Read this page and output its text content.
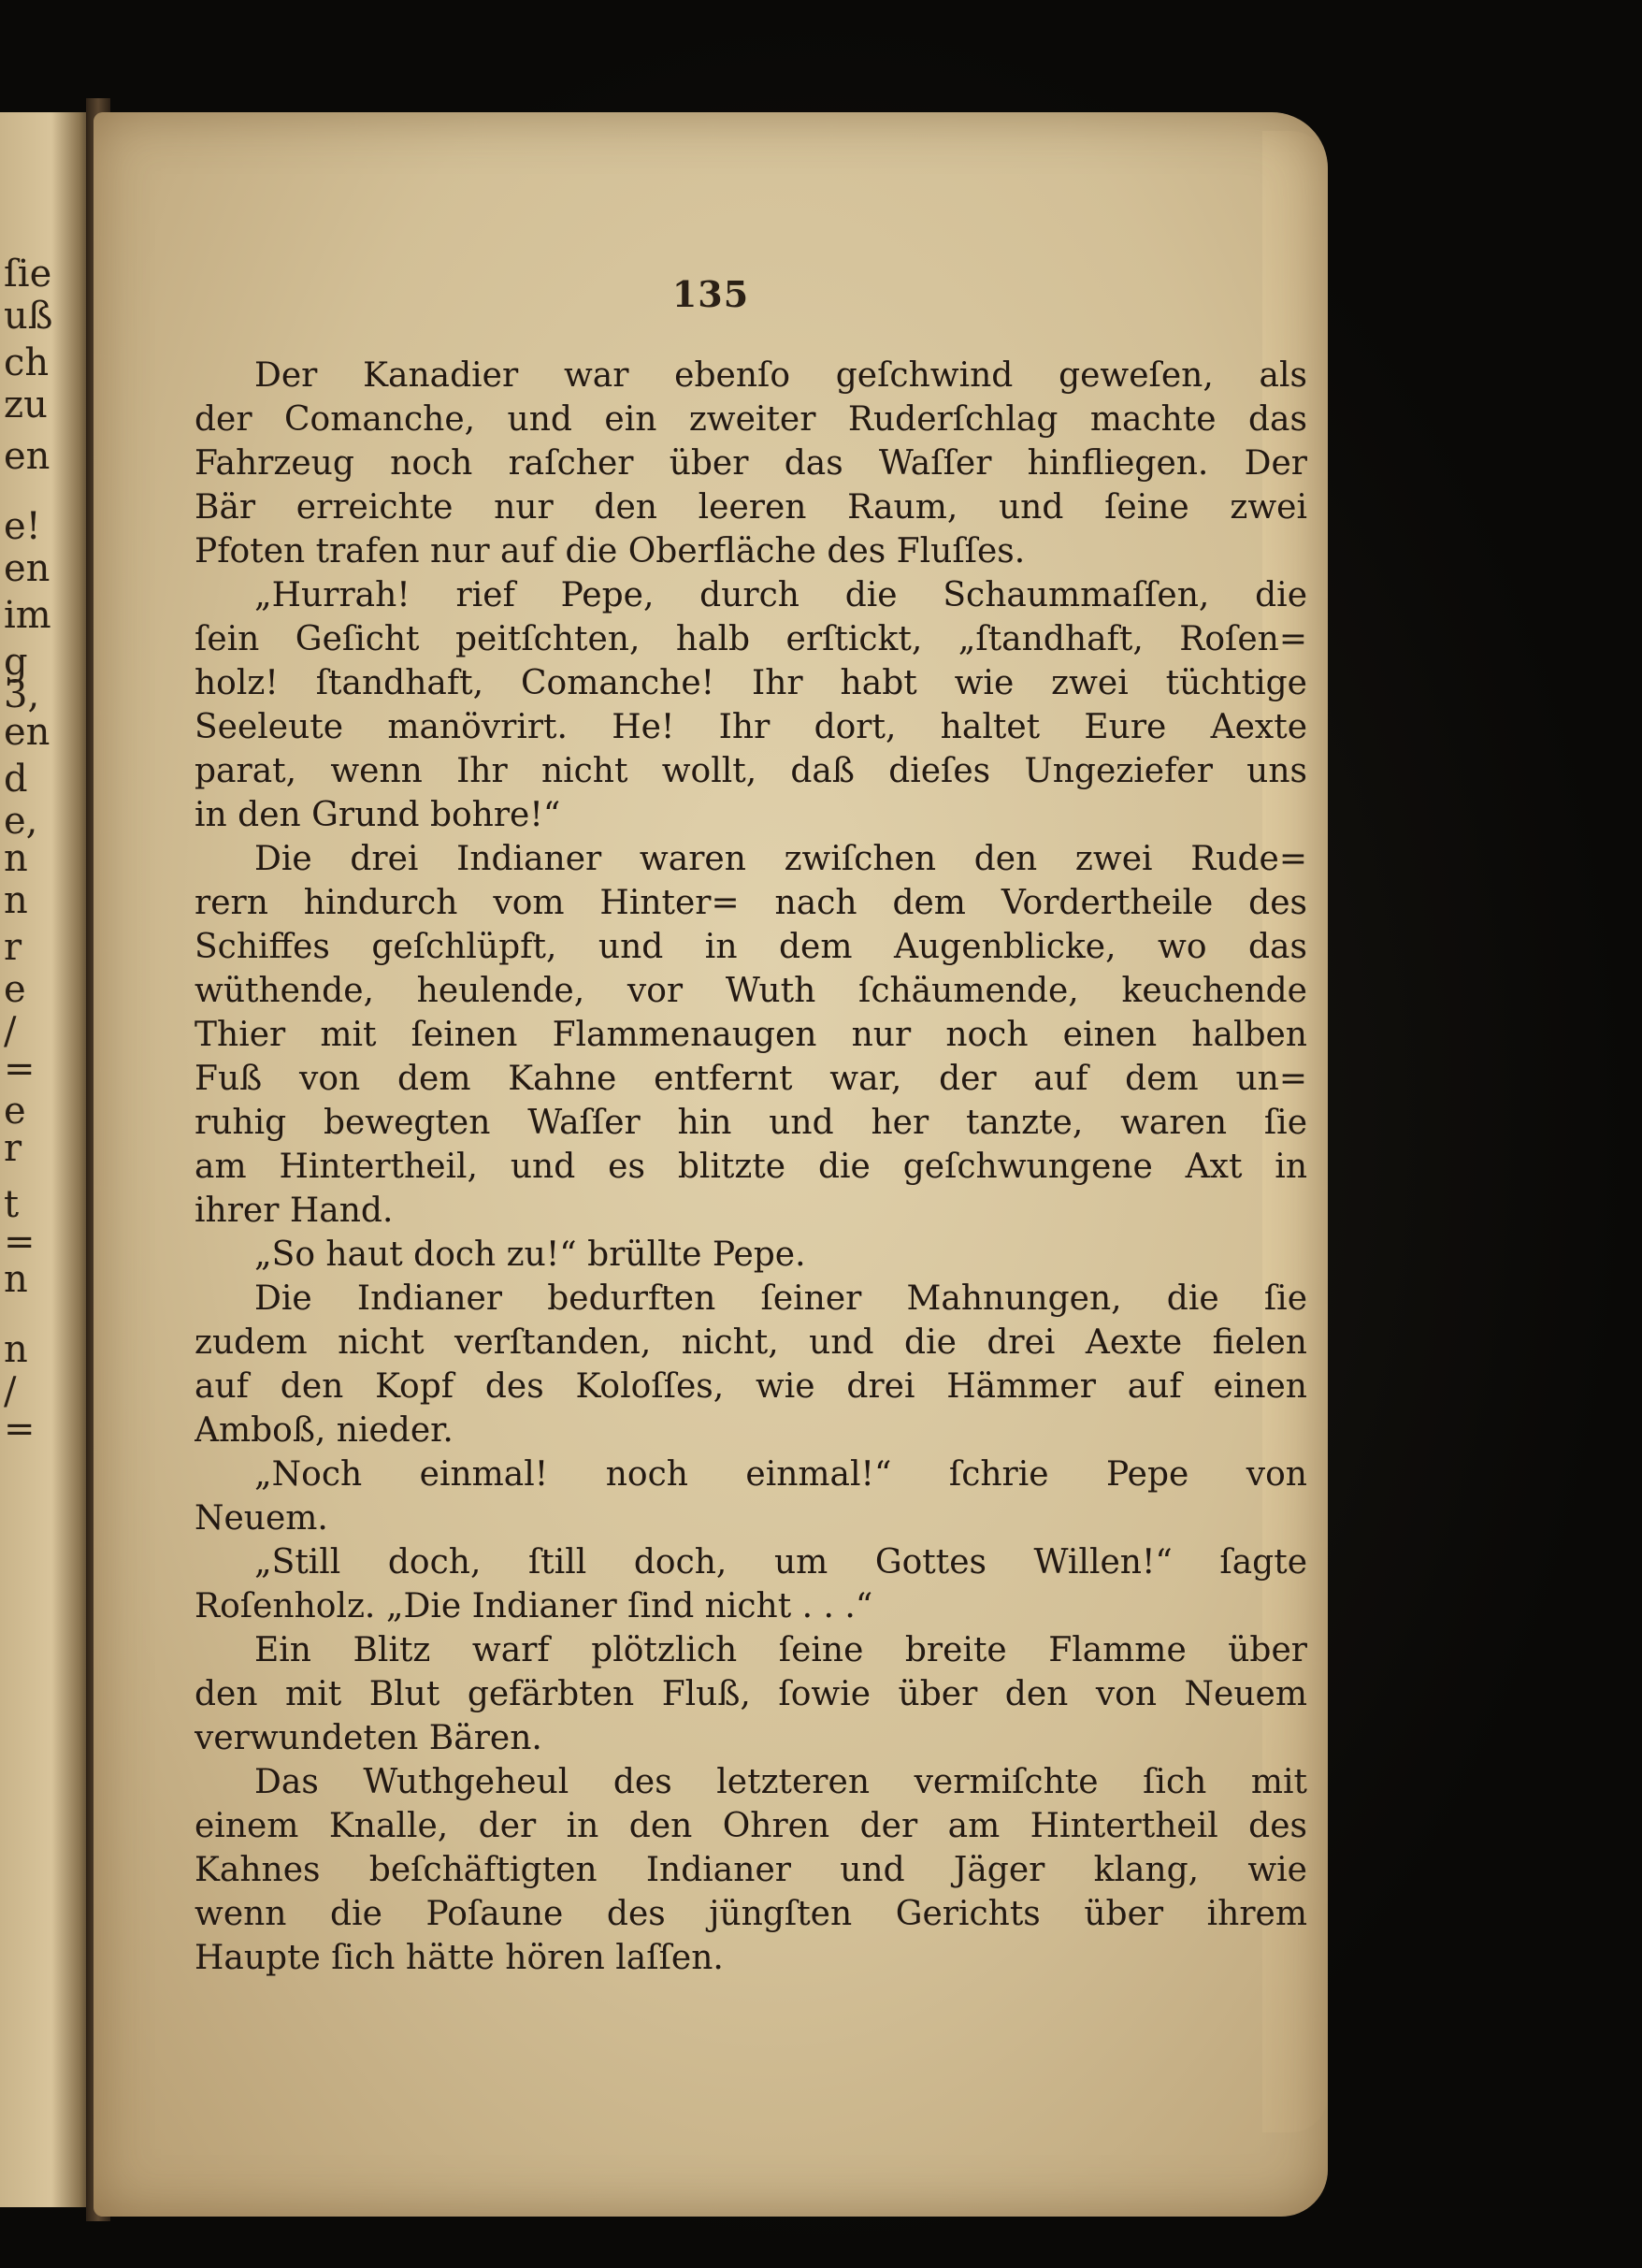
ſie
uß
ch
zu
en
e!
en
im
g
3,
en
d
e,
n
n
r
e
/
=
e
r
t
=
n
n
/
=
135
Der Kanadier war ebenſo geſchwind geweſen, als
der Comanche, und ein zweiter Ruderſchlag machte das
Fahrzeug noch raſcher über das Waſſer hinfliegen. Der
Bär erreichte nur den leeren Raum, und ſeine zwei
Pfoten trafen nur auf die Oberfläche des Fluſſes.
„Hurrah! rief Pepe, durch die Schaummaſſen, die
ſein Geſicht peitſchten, halb erſtickt, „ſtandhaft, Roſen=
holz! ſtandhaft, Comanche! Ihr habt wie zwei tüchtige
Seeleute manövrirt. He! Ihr dort, haltet Eure Aexte
parat, wenn Ihr nicht wollt, daß dieſes Ungeziefer uns
in den Grund bohre!“
Die drei Indianer waren zwiſchen den zwei Rude=
rern hindurch vom Hinter= nach dem Vordertheile des
Schiffes geſchlüpft, und in dem Augenblicke, wo das
wüthende, heulende, vor Wuth ſchäumende, keuchende
Thier mit ſeinen Flammenaugen nur noch einen halben
Fuß von dem Kahne entfernt war, der auf dem un=
ruhig bewegten Waſſer hin und her tanzte, waren ſie
am Hintertheil, und es blitzte die geſchwungene Axt in
ihrer Hand.
„So haut doch zu!“ brüllte Pepe.
Die Indianer bedurften ſeiner Mahnungen, die ſie
zudem nicht verſtanden, nicht, und die drei Aexte fielen
auf den Kopf des Koloſſes, wie drei Hämmer auf einen
Amboß, nieder.
„Noch einmal! noch einmal!“ ſchrie Pepe von
Neuem.
„Still doch, ſtill doch, um Gottes Willen!“ ſagte
Roſenholz. „Die Indianer ſind nicht . . .“
Ein Blitz warf plötzlich ſeine breite Flamme über
den mit Blut gefärbten Fluß, ſowie über den von Neuem
verwundeten Bären.
Das Wuthgeheul des letzteren vermiſchte ſich mit
einem Knalle, der in den Ohren der am Hintertheil des
Kahnes beſchäftigten Indianer und Jäger klang, wie
wenn die Poſaune des jüngſten Gerichts über ihrem
Haupte ſich hätte hören laſſen.
